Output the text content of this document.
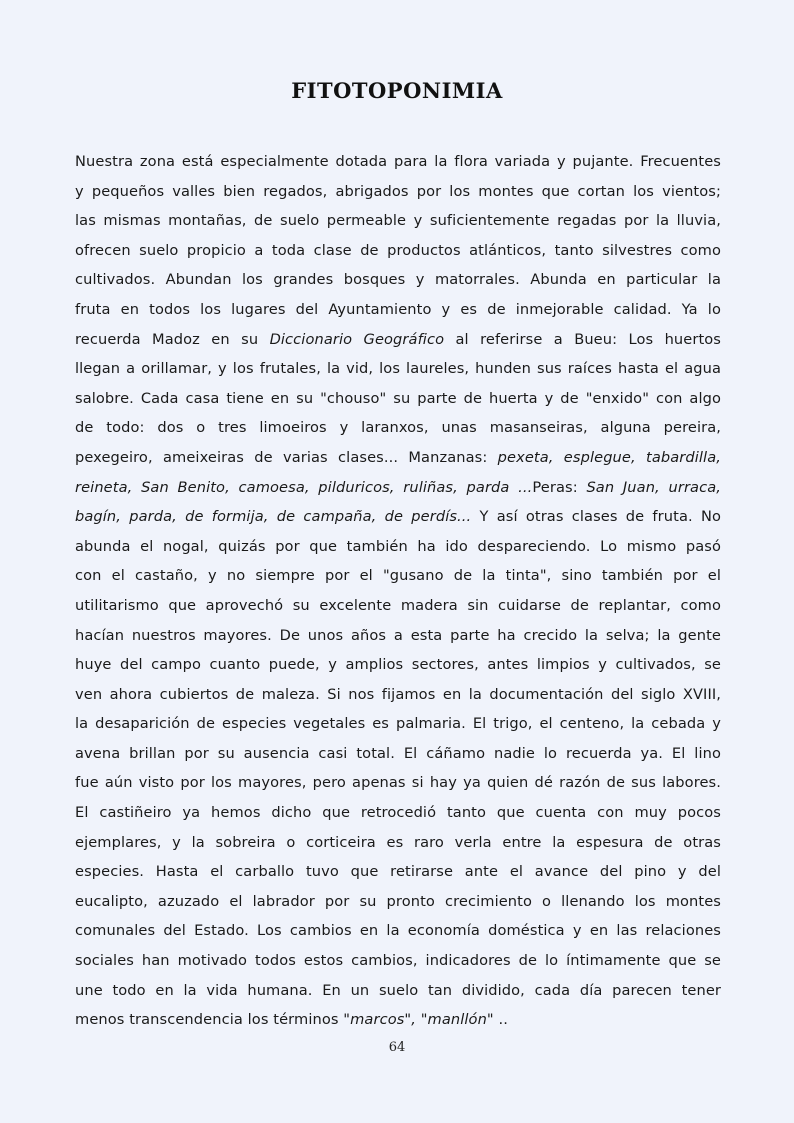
FITOTOPONIMIA
Nuestra zona está especialmente dotada para la flora variada y pujante. Frecuentes
y pequeños valles bien regados, abrigados por los montes que cortan los vientos;
las mismas montañas, de suelo permeable y suficientemente regadas por la lluvia,
ofrecen suelo propicio a toda clase de productos atlánticos, tanto silvestres como
cultivados. Abundan los grandes bosques y matorrales. Abunda en particular la
fruta en todos los lugares del Ayuntamiento y es de inmejorable calidad. Ya lo
recuerda Madoz en su Diccionario Geográfico al referirse a Bueu: Los huertos
llegan a orillamar, y los frutales, la vid, los laureles, hunden sus raíces hasta el agua
salobre. Cada casa tiene en su "chouso" su parte de huerta y de "enxido" con algo
de todo: dos o tres limoeiros y laranxos, unas masanseiras, alguna pereira,
pexegeiro, ameixeiras de varias clases... Manzanas: pexeta, esplegue, tabardilla,
reineta, San Benito, camoesa, pilduricos, ruliñas, parda ...Peras: San Juan, urraca,
bagín, parda, de formija, de campaña, de perdís... Y así otras clases de fruta. No
abunda el nogal, quizás por que también ha ido despareciendo. Lo mismo pasó
con el castaño, y no siempre por el "gusano de la tinta", sino también por el
utilitarismo que aprovechó su excelente madera sin cuidarse de replantar, como
hacían nuestros mayores. De unos años a esta parte ha crecido la selva; la gente
huye del campo cuanto puede, y amplios sectores, antes limpios y cultivados, se
ven ahora cubiertos de maleza. Si nos fijamos en la documentación del siglo XVIII,
la desaparición de especies vegetales es palmaria. El trigo, el centeno, la cebada y
avena brillan por su ausencia casi total. El cáñamo nadie lo recuerda ya. El lino
fue aún visto por los mayores, pero apenas si hay ya quien dé razón de sus labores.
El castiñeiro ya hemos dicho que retrocedió tanto que cuenta con muy pocos
ejemplares, y la sobreira o corticeira es raro verla entre la espesura de otras
especies. Hasta el carballo tuvo que retirarse ante el avance del pino y del
eucalipto, azuzado el labrador por su pronto crecimiento o llenando los montes
comunales del Estado. Los cambios en la economía doméstica y en las relaciones
sociales han motivado todos estos cambios, indicadores de lo íntimamente que se
une todo en la vida humana. En un suelo tan dividido, cada día parecen tener
menos transcendencia los términos "marcos", "manllón" ..
64
